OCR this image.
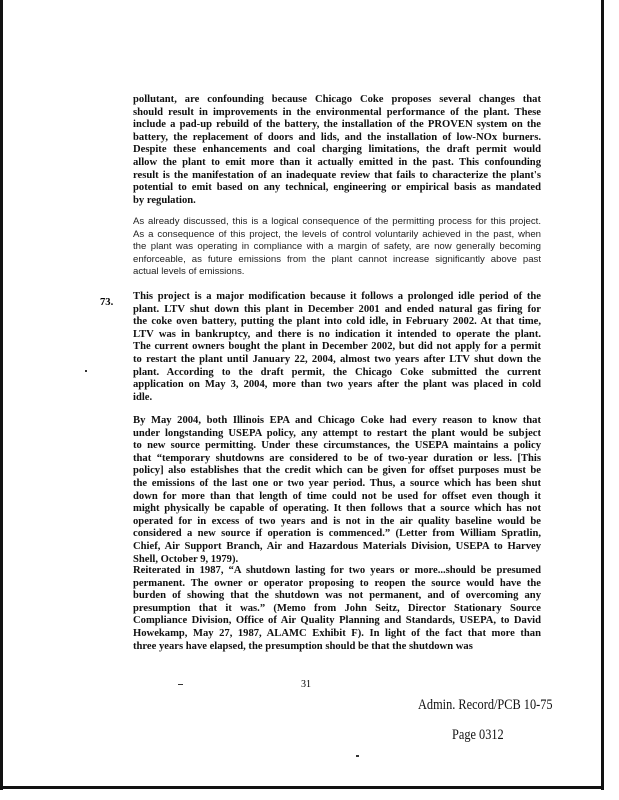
pollutant, are confounding because Chicago Coke proposes several changes that
should result in improvements in the environmental performance of the plant. These
include a pad-up rebuild of the battery, the installation of the PROVEN system on the
battery, the replacement of doors and lids, and the installation of low-NOx burners.
Despite these enhancements and coal charging limitations, the draft permit would
allow the plant to emit more than it actually emitted in the past. This confounding
result is the manifestation of an inadequate review that fails to characterize the plant's
potential to emit based on any technical, engineering or empirical basis as mandated
by regulation.
As already discussed, this is a logical consequence of the permitting process for this project.
As a consequence of this project, the levels of control voluntarily achieved in the past, when
the plant was operating in compliance with a margin of safety, are now generally becoming
enforceable, as future emissions from the plant cannot increase significantly above past
actual levels of emissions.
This project is a major modification because it follows a prolonged idle period of the
plant. LTV shut down this plant in December 2001 and ended natural gas firing for
the coke oven battery, putting the plant into cold idle, in February 2002. At that time,
LTV was in bankruptcy, and there is no indication it intended to operate the plant.
The current owners bought the plant in December 2002, but did not apply for a permit
to restart the plant until January 22, 2004, almost two years after LTV shut down the
plant. According to the draft permit, the Chicago Coke submitted the current
application on May 3, 2004, more than two years after the plant was placed in cold
idle.
By May 2004, both Illinois EPA and Chicago Coke had every reason to know that
under longstanding USEPA policy, any attempt to restart the plant would be subject
to new source permitting. Under these circumstances, the USEPA maintains a policy
that “temporary shutdowns are considered to be of two-year duration or less. [This
policy] also establishes that the credit which can be given for offset purposes must be
the emissions of the last one or two year period. Thus, a source which has been shut
down for more than that length of time could not be used for offset even though it
might physically be capable of operating. It then follows that a source which has not
operated for in excess of two years and is not in the air quality baseline would be
considered a new source if operation is commenced.” (Letter from William Spratlin,
Chief, Air Support Branch, Air and Hazardous Materials Division, USEPA to Harvey
Shell, October 9, 1979).
Reiterated in 1987, “A shutdown lasting for two years or more...should be presumed
permanent. The owner or operator proposing to reopen the source would have the
burden of showing that the shutdown was not permanent, and of overcoming any
presumption that it was.” (Memo from John Seitz, Director Stationary Source
Compliance Division, Office of Air Quality Planning and Standards, USEPA, to David
Howekamp, May 27, 1987, ALAMC Exhibit F). In light of the fact that more than
three years have elapsed, the presumption should be that the shutdown was
73.
31
Admin. Record/PCB 10-75
Page 0312
